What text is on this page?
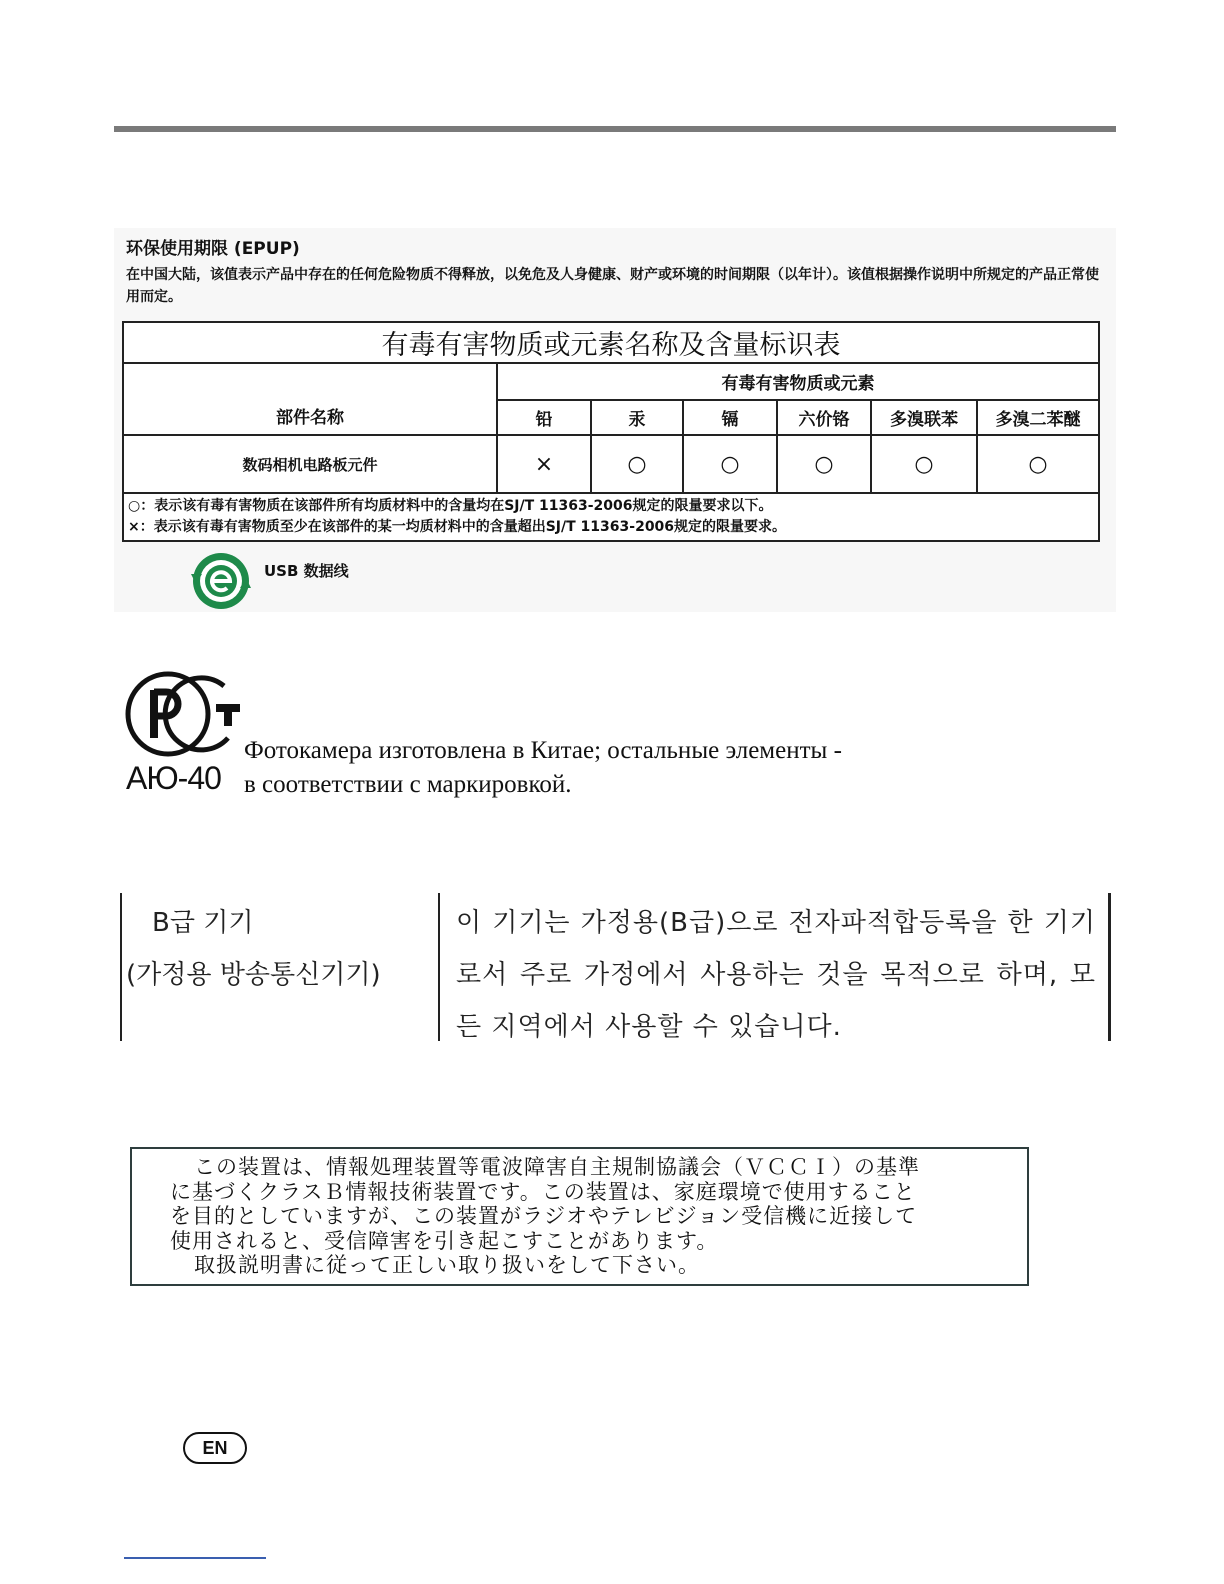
环保使用期限 (EPUP)
在中国大陆，该值表示产品中存在的任何危险物质不得释放，以免危及人身健康、财产或环境的时间期限（以年计）。该值根据操作说明中所规定的产品正常使用而定。
有毒有害物质或元素名称及含量标识表						
部件名称	有毒有害物质或元素					
	铅	汞	镉	六价铬	多溴联苯	多溴二苯醚
数码相机电路板元件	×	○	○	○	○	○

○：表示该有毒有害物质在该部件所有均质材料中的含量均在SJ/T 11363-2006规定的限量要求以下。
×：表示该有毒有害物质至少在该部件的某一均质材料中的含量超出SJ/T 11363-2006规定的限量要求。						
USB 数据线
АЮ-40
Фотокамера изготовлена в Китае; остальные элементы -
в соответствии с маркировкой.
B급 기기
(가정용 방송통신기기)
이 기기는 가정용(B급)으로 전자파적합등록을 한 기기로서 주로 가정에서 사용하는 것을 목적으로 하며, 모든 지역에서 사용할 수 있습니다.

この装置は、情報処理装置等電波障害自主規制協議会（ＶＣＣＩ）の基準

に基づくクラスＢ情報技術装置です。この装置は、家庭環境で使用すること

を目的としていますが、この装置がラジオやテレビジョン受信機に近接して

使用されると、受信障害を引き起こすことがあります。

取扱説明書に従って正しい取り扱いをして下さい。

EN
